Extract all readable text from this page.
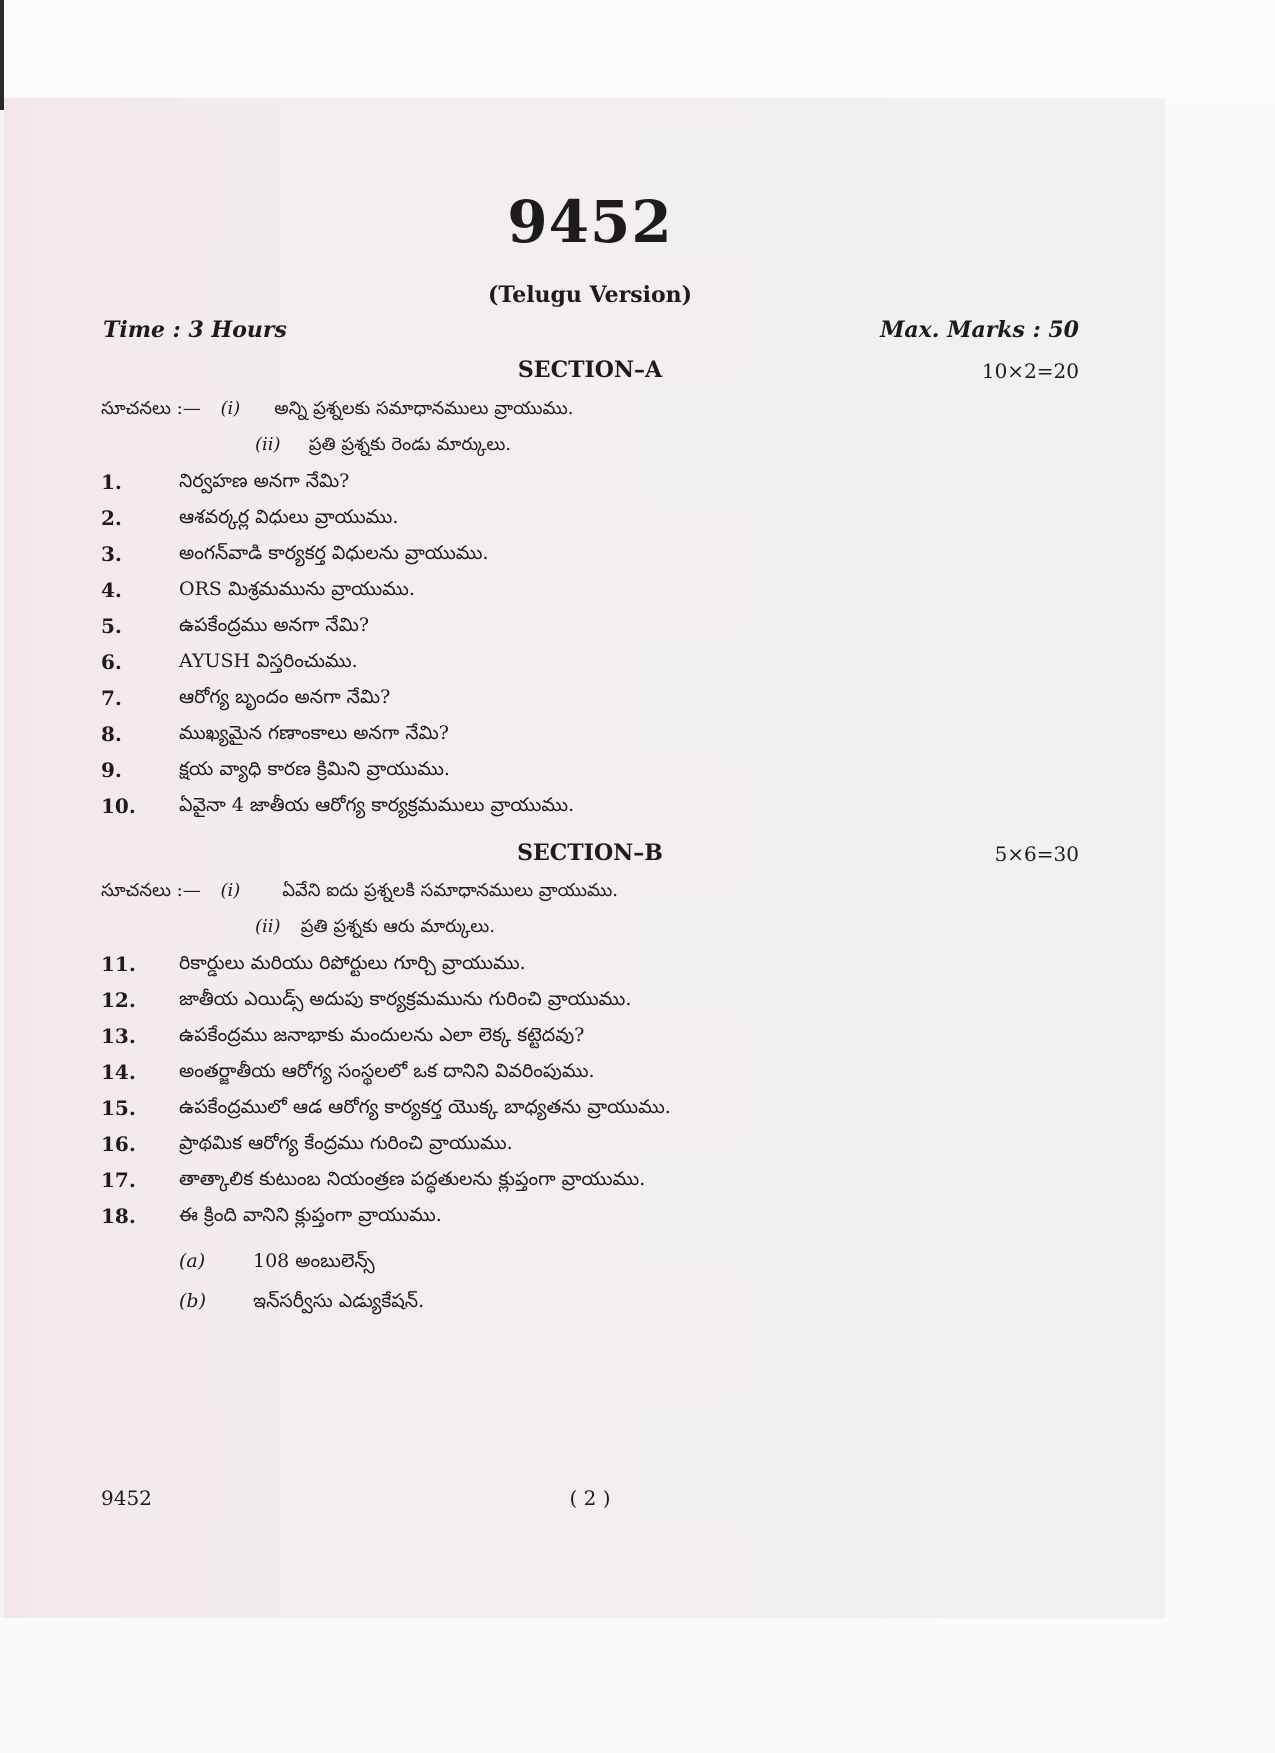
9452
(Telugu Version)
Time : 3 Hours	Max. Marks : 50
SECTION–A	10×2=20
సూచనలు :— (i) అన్ని ప్రశ్నలకు సమాధానములు వ్రాయుము.
(ii) ప్రతి ప్రశ్నకు రెండు మార్కులు.
1.	నిర్వహణ అనగా నేమి?
2.	ఆశవర్కర్ల విధులు వ్రాయుము.
3.	అంగన్‌వాడి కార్యకర్త విధులను వ్రాయుము.
4.	ORS మిశ్రమమును వ్రాయుము.
5.	ఉపకేంద్రము అనగా నేమి?
6.	AYUSH విస్తరించుము.
7.	ఆరోగ్య బృందం అనగా నేమి?
8.	ముఖ్యమైన గణాంకాలు అనగా నేమి?
9.	క్షయ వ్యాధి కారణ క్రిమిని వ్రాయుము.
10. ఏవైనా 4 జాతీయ ఆరోగ్య కార్యక్రమములు వ్రాయుము.
SECTION–B	5×6=30
సూచనలు :— (i) ఏవేని ఐదు ప్రశ్నలకి సమాధానములు వ్రాయుము.
(ii) ప్రతి ప్రశ్నకు ఆరు మార్కులు.
11. రికార్డులు మరియు రిపోర్టులు గూర్చి వ్రాయుము.
12. జాతీయ ఎయిడ్స్ అదుపు కార్యక్రమమును గురించి వ్రాయుము.
13. ఉపకేంద్రము జనాభాకు మందులను ఎలా లెక్క కట్టెదవు?
14. అంతర్జాతీయ ఆరోగ్య సంస్థలలో ఒక దానిని వివరింపుము.
15. ఉపకేంద్రములో ఆడ ఆరోగ్య కార్యకర్త యొక్క బాధ్యతను వ్రాయుము.
16. ప్రాథమిక ఆరోగ్య కేంద్రము గురించి వ్రాయుము.
17. తాత్కాలిక కుటుంబ నియంత్రణ పద్ధతులను క్లుప్తంగా వ్రాయుము.
18. ఈ క్రింది వానిని క్లుప్తంగా వ్రాయుము.
(a)	108 అంబులెన్స్
(b) ఇన్‌సర్వీసు ఎడ్యుకేషన్.
9452	( 2 )
